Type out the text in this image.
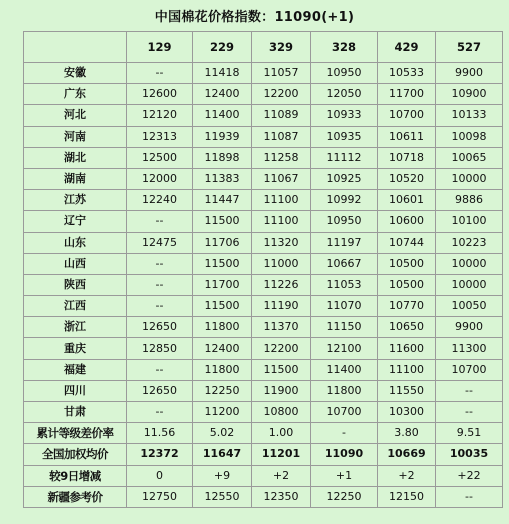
中国棉花价格指数：11090(+1)
	129	229	329	328	429	527
安徽	--	11418	11057	10950	10533	9900
广东	12600	12400	12200	12050	11700	10900
河北	12120	11400	11089	10933	10700	10133
河南	12313	11939	11087	10935	10611	10098
湖北	12500	11898	11258	11112	10718	10065
湖南	12000	11383	11067	10925	10520	10000
江苏	12240	11447	11100	10992	10601	9886
辽宁	--	11500	11100	10950	10600	10100
山东	12475	11706	11320	11197	10744	10223
山西	--	11500	11000	10667	10500	10000
陕西	--	11700	11226	11053	10500	10000
江西	--	11500	11190	11070	10770	10050
浙江	12650	11800	11370	11150	10650	9900
重庆	12850	12400	12200	12100	11600	11300
福建	--	11800	11500	11400	11100	10700
四川	12650	12250	11900	11800	11550	--
甘肃	--	11200	10800	10700	10300	--
累计等级差价率	11.56	5.02	1.00	-	3.80	9.51
全国加权均价	12372	11647	11201	11090	10669	10035
较9日增减	0	+9	+2	+1	+2	+22
新疆参考价	12750	12550	12350	12250	12150	--
